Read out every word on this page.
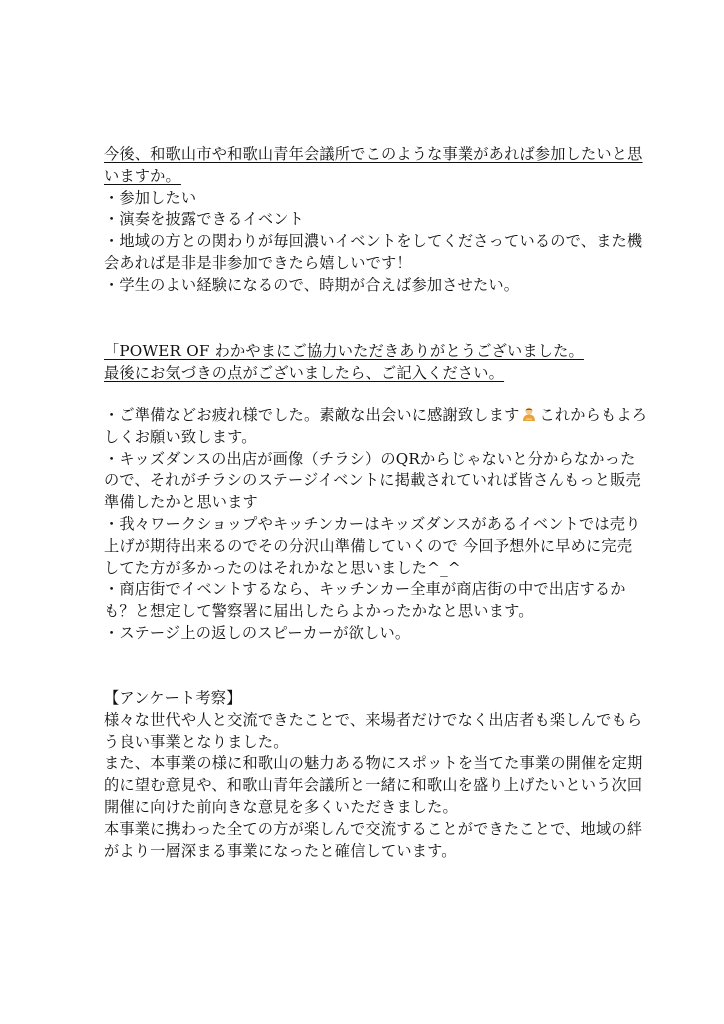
今後、和歌山市や和歌山青年会議所でこのような事業があれば参加したいと思
いますか。
・参加したい
・演奏を披露できるイベント
・地域の方との関わりが毎回濃いイベントをしてくださっているので、また機
会あれば是非是非参加できたら嬉しいです！
・学生のよい経験になるので、時期が合えば参加させたい。
「POWER OF わかやまにご協力いただきありがとうございました。
最後にお気づきの点がございましたら、ご記入ください。
・ご準備などお疲れ様でした。素敵な出会いに感謝致します これからもよろ
しくお願い致します。
・キッズダンスの出店が画像（チラシ）のQRからじゃないと分からなかった
ので、それがチラシのステージイベントに掲載されていれば皆さんもっと販売
準備したかと思います
・我々ワークショップやキッチンカーはキッズダンスがあるイベントでは売り
上げが期待出来るのでその分沢山準備していくので 今回予想外に早めに完売
してた方が多かったのはそれかなと思いました^_^
・商店街でイベントするなら、キッチンカー全車が商店街の中で出店するか
も？と想定して警察署に届出したらよかったかなと思います。
・ステージ上の返しのスピーカーが欲しい。
【アンケート考察】
様々な世代や人と交流できたことで、来場者だけでなく出店者も楽しんでもら
う良い事業となりました。
また、本事業の様に和歌山の魅力ある物にスポットを当てた事業の開催を定期
的に望む意見や、和歌山青年会議所と一緒に和歌山を盛り上げたいという次回
開催に向けた前向きな意見を多くいただきました。
本事業に携わった全ての方が楽しんで交流することができたことで、地域の絆
がより一層深まる事業になったと確信しています。
